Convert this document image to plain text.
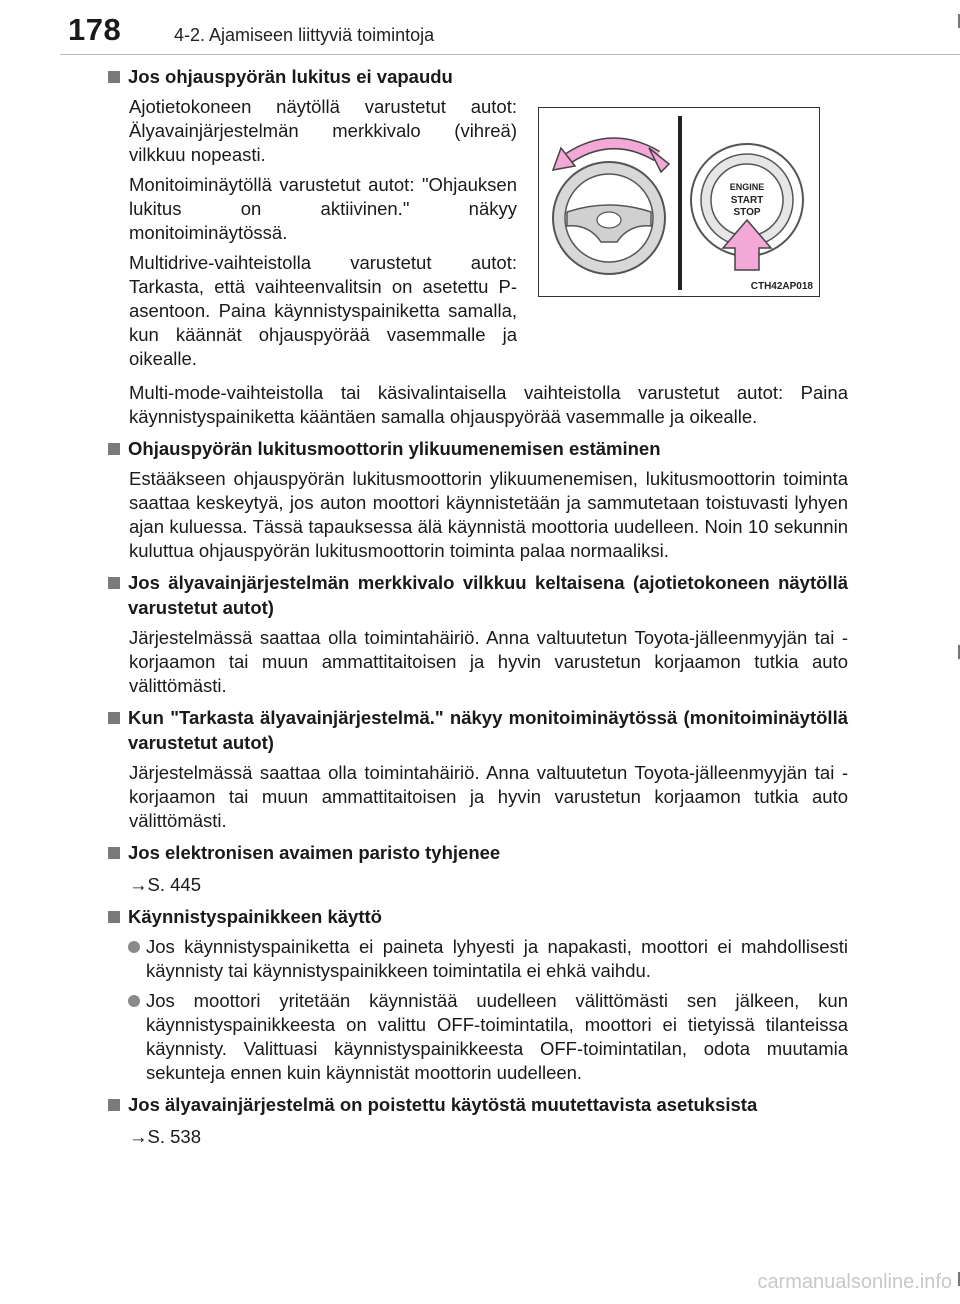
178	4-2. Ajamiseen liittyviä toimintoja
Jos ohjauspyörän lukitus ei vapaudu
Ajotietokoneen näytöllä varustetut autot: Älyavainjärjestelmän merkkivalo (vihreä) vilkkuu nopeasti.
Monitoiminäytöllä varustetut autot: "Ohjauksen lukitus on aktiivinen." näkyy monitoiminäytössä.
Multidrive-vaihteistolla varustetut autot: Tarkasta, että vaihteenvalitsin on asetettu P-asentoon. Paina käynnistyspainiketta samalla, kun käännät ohjauspyörää vasemmalle ja oikealle.
Multi-mode-vaihteistolla tai käsivalintaisella vaihteistolla varustetut autot: Paina käynnistyspainiketta kääntäen samalla ohjauspyörää vasemmalle ja oikealle.
ENGINE
START
STOP
CTH42AP018
Ohjauspyörän lukitusmoottorin ylikuumenemisen estäminen
Estääkseen ohjauspyörän lukitusmoottorin ylikuumenemisen, lukitusmoottorin toiminta saattaa keskeytyä, jos auton moottori käynnistetään ja sammutetaan toistuvasti lyhyen ajan kuluessa. Tässä tapauksessa älä käynnistä moottoria uudelleen. Noin 10 sekunnin kuluttua ohjauspyörän lukitusmoottorin toiminta palaa normaaliksi.
Jos älyavainjärjestelmän merkkivalo vilkkuu keltaisena (ajotietokoneen näytöllä varustetut autot)
Järjestelmässä saattaa olla toimintahäiriö. Anna valtuutetun Toyota-jälleenmyyjän tai -korjaamon tai muun ammattitaitoisen ja hyvin varustetun korjaamon tutkia auto välittömästi.
Kun "Tarkasta älyavainjärjestelmä." näkyy monitoiminäytössä (monitoiminäytöllä varustetut autot)
Järjestelmässä saattaa olla toimintahäiriö. Anna valtuutetun Toyota-jälleenmyyjän tai -korjaamon tai muun ammattitaitoisen ja hyvin varustetun korjaamon tutkia auto välittömästi.
Jos elektronisen avaimen paristo tyhjenee
→S. 445
Käynnistyspainikkeen käyttö
Jos käynnistyspainiketta ei paineta lyhyesti ja napakasti, moottori ei mahdollisesti käynnisty tai käynnistyspainikkeen toimintatila ei ehkä vaihdu.
Jos moottori yritetään käynnistää uudelleen välittömästi sen jälkeen, kun käynnistyspainikkeesta on valittu OFF-toimintatila, moottori ei tietyissä tilanteissa käynnisty. Valittuasi käynnistyspainikkeesta OFF-toimintatilan, odota muutamia sekunteja ennen kuin käynnistät moottorin uudelleen.
Jos älyavainjärjestelmä on poistettu käytöstä muutettavista asetuksista
→S. 538
carmanualsonline.info
